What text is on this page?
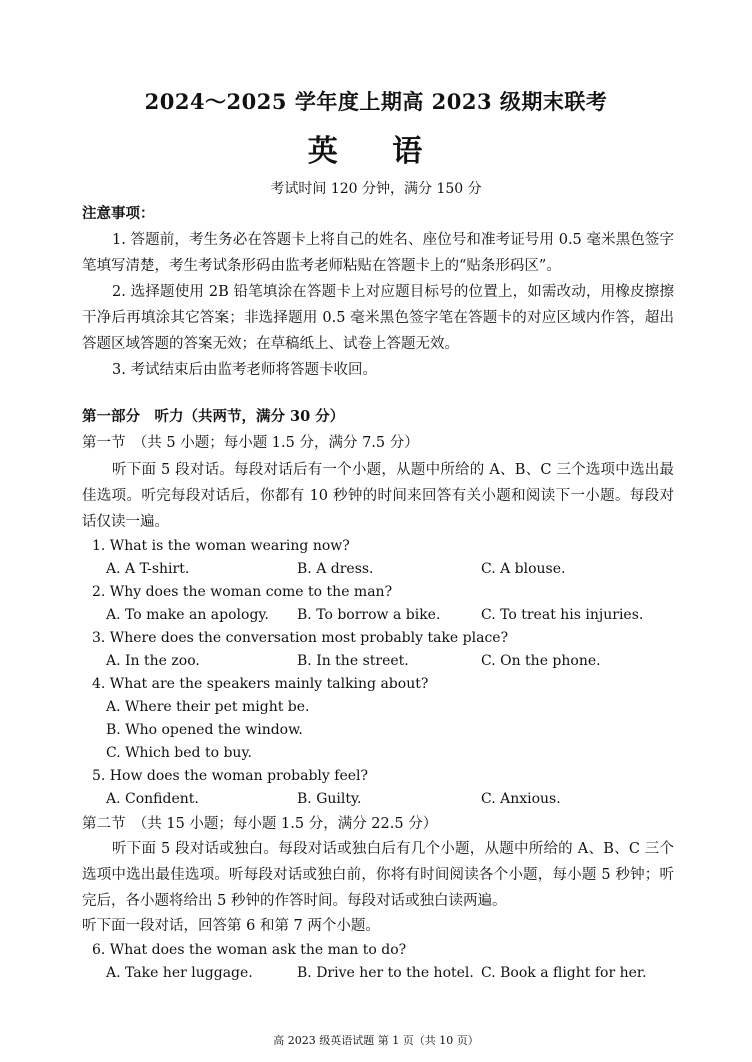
2024～2025 学年度上期高 2023 级期末联考
英 语
考试时间 120 分钟，满分 150 分
注意事项：
1. 答题前，考生务必在答题卡上将自己的姓名、座位号和准考证号用 0.5 毫米黑色签字笔填写清楚，考生考试条形码由监考老师粘贴在答题卡上的“贴条形码区”。
2. 选择题使用 2B 铅笔填涂在答题卡上对应题目标号的位置上，如需改动，用橡皮擦擦干净后再填涂其它答案；非选择题用 0.5 毫米黑色签字笔在答题卡的对应区域内作答，超出答题区域答题的答案无效；在草稿纸上、试卷上答题无效。
3. 考试结束后由监考老师将答题卡收回。
第一部分　听力（共两节，满分 30 分）
第一节　（共 5 小题；每小题 1.5 分，满分 7.5 分）
听下面 5 段对话。每段对话后有一个小题，从题中所给的 A、B、C 三个选项中选出最佳选项。听完每段对话后，你都有 10 秒钟的时间来回答有关小题和阅读下一小题。每段对话仅读一遍。
1. What is the woman wearing now?
A. A T-shirt.	B. A dress.	C. A blouse.
2. Why does the woman come to the man?
A. To make an apology. B. To borrow a bike.	C. To treat his injuries.
3. Where does the conversation most probably take place?
A. In the zoo.	B. In the street.	C. On the phone.
4. What are the speakers mainly talking about?
A. Where their pet might be.
B. Who opened the window.
C. Which bed to buy.
5. How does the woman probably feel?
A. Confident.	B. Guilty.	C. Anxious.
第二节　（共 15 小题；每小题 1.5 分，满分 22.5 分）
听下面 5 段对话或独白。每段对话或独白后有几个小题，从题中所给的 A、B、C 三个选项中选出最佳选项。听每段对话或独白前，你将有时间阅读各个小题，每小题 5 秒钟；听完后，各小题将给出 5 秒钟的作答时间。每段对话或独白读两遍。
听下面一段对话，回答第 6 和第 7 两个小题。
6. What does the woman ask the man to do?
A. Take her luggage.	B. Drive her to the hotel. C. Book a flight for her.
高 2023 级英语试题 第 1 页（共 10 页）
